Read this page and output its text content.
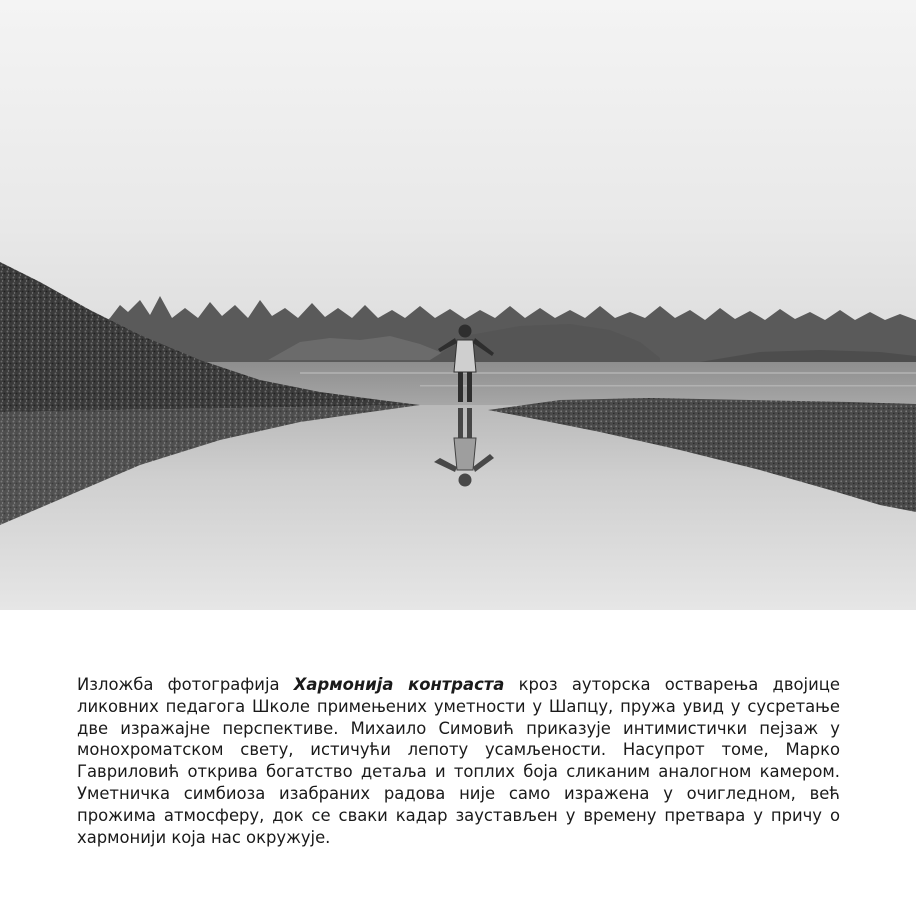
Изложба фотографија Хармонија контраста кроз ауторска остварења двојице ликовних педагога Школе примењених уметности у Шапцу, пружа увид у сусретање две изражајне перспективе. Михаило Симовић приказује интимистички пејзаж у монохроматском свету, истичући лепоту усамљености. Насупрот томе, Марко Гавриловић открива богатство детаља и топлих боја сликаним аналогном камером. Уметничка симбиоза изабраних радова није само изражена у очигледном, већ прожима атмосферу, док се сваки кадар заустављен у времену претвара у причу о хармонији која нас окружује.
